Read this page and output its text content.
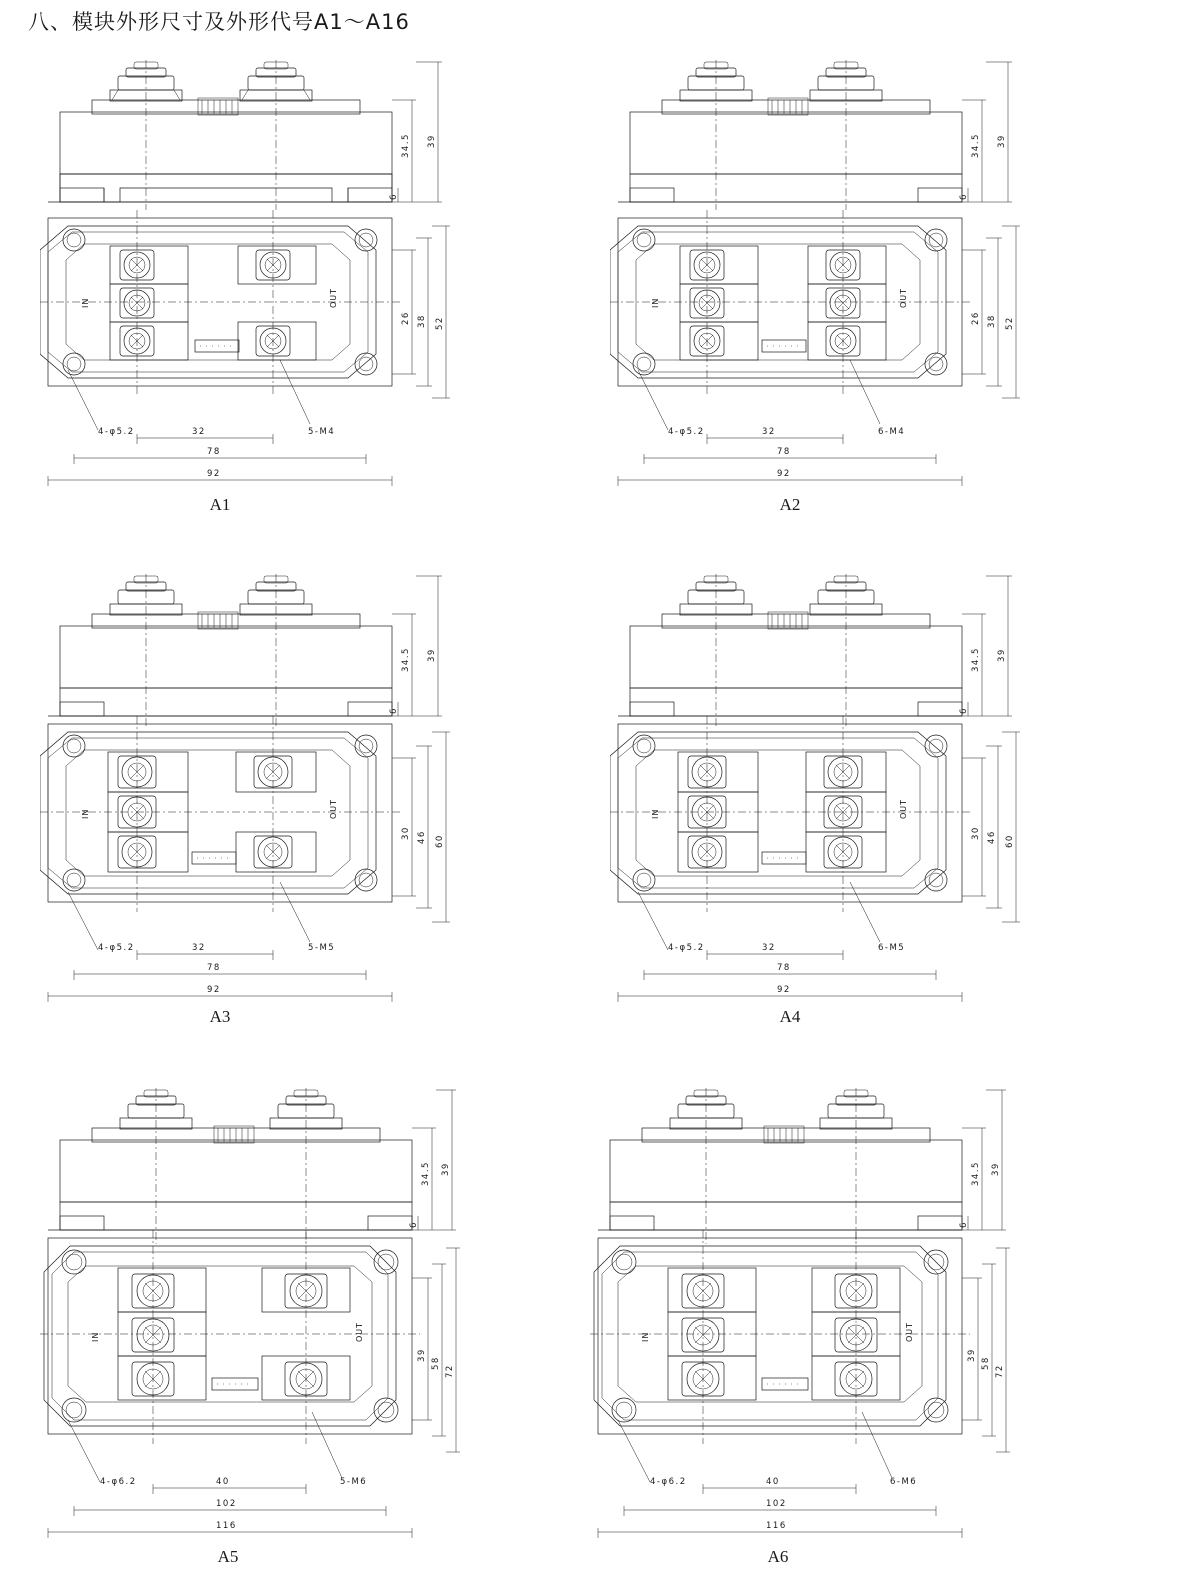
八、模块外形尺寸及外形代号A1～A16
IN	OUT
34.5 39
6
26 38 52
32
78
92
4-φ5.2	5-M4
A1
IN	OUT
34.5 39
6
26 38 52
32
78
92
4-φ5.2	6-M4
A2
IN	OUT
34.5 39
6
30 46 60
32
78
92
4-φ5.2	5-M5
A3
IN	OUT
34.5 39
6
30 46 60
32
78
92
4-φ5.2	6-M5
A4
IN	OUT
34.5 39
6
39
58
72
40
102
116
4-φ6.2	5-M6
A5
IN	OUT
34.5 39
6
39
58
72
40
102
116
4-φ6.2	6-M6
A6
